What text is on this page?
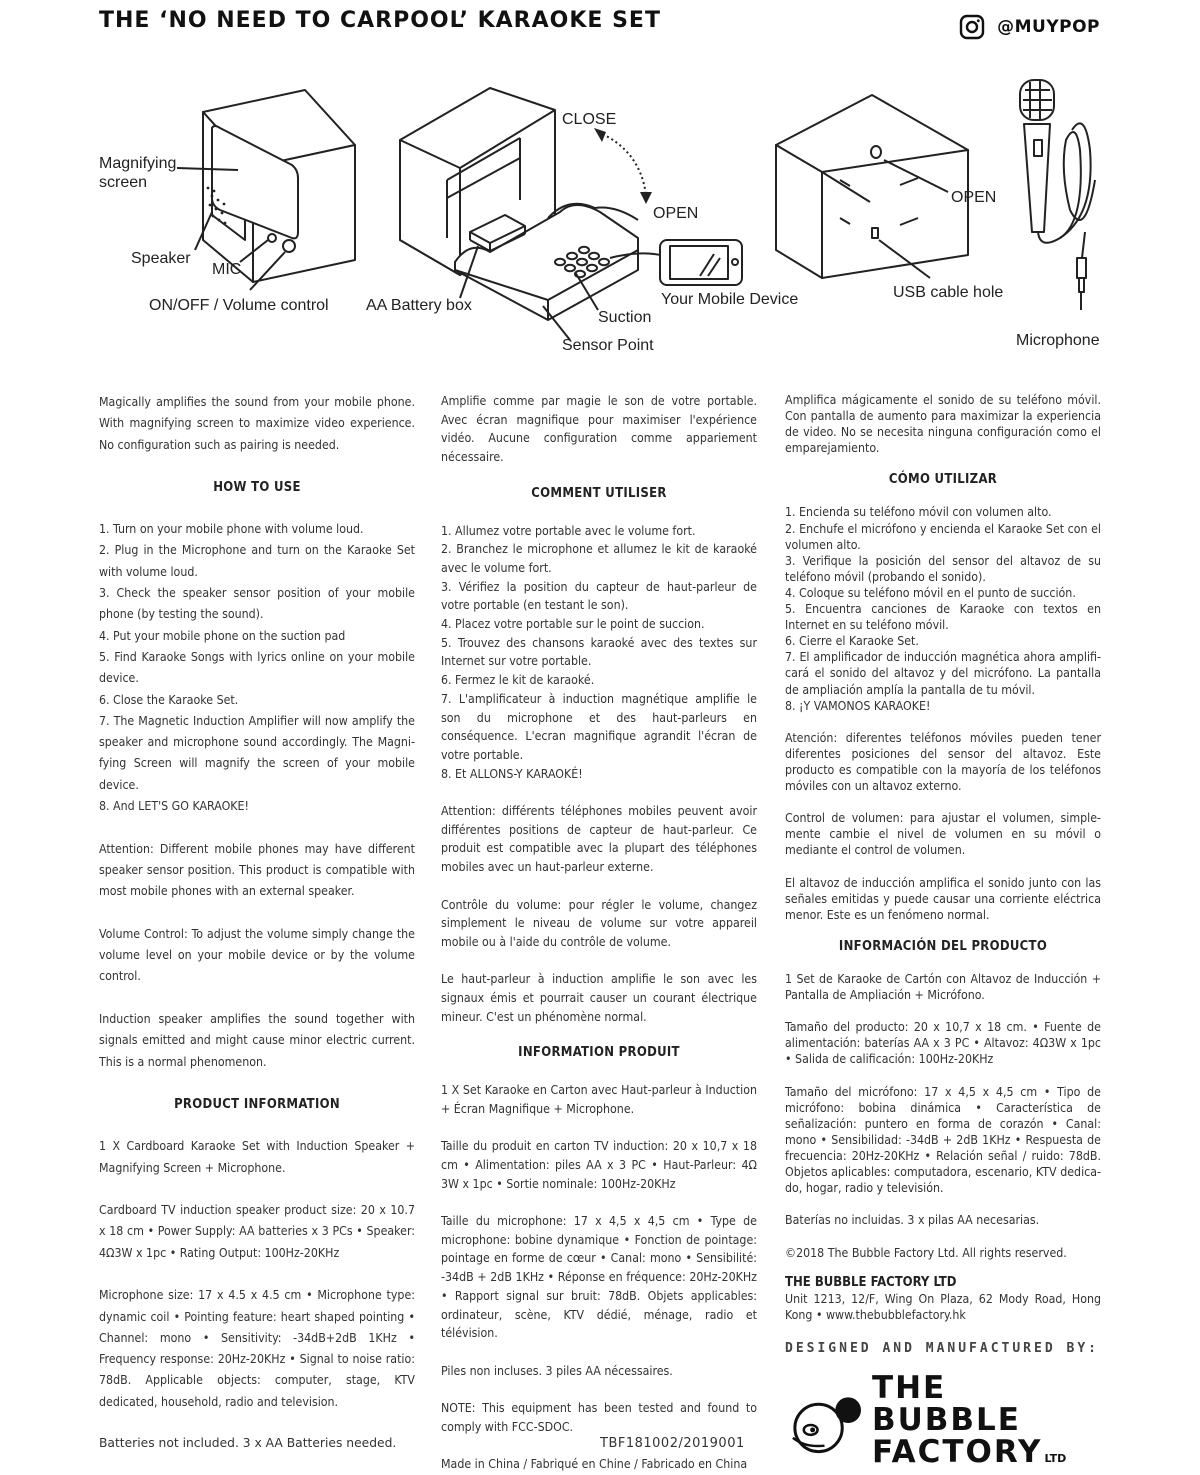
THE ‘NO NEED TO CARPOOL’ KARAOKE SET	@MUYPOP
Magnifying
screen
Speaker
MIC
ON/OFF / Volume control AA Battery box
CLOSE
OPEN
Your Mobile Device
Suction
Sensor Point
OPEN
USB cable hole
Microphone

Magically amplifies the sound from your mobile phone. With magnifying screen to maximize video experience. No configuration such as pairing is needed.

HOW TO USE

1. Turn on your mobile phone with volume loud.

2. Plug in the Microphone and turn on the Karaoke Set with volume loud.

3. Check the speaker sensor position of your mobile phone (by testing the sound).

4. Put your mobile phone on the suction pad

5. Find Karaoke Songs with lyrics online on your mobile device.

6. Close the Karaoke Set.

7. The Magnetic Induction Amplifier will now amplify the speaker and microphone sound accordingly. The Magni-fying Screen will magnify the screen of your mobile device.

8. And LET'S GO KARAOKE!

Attention: Different mobile phones may have different speaker sensor position. This product is compatible with most mobile phones with an external speaker.

Volume Control: To adjust the volume simply change the volume level on your mobile device or by the volume control.

Induction speaker amplifies the sound together with signals emitted and might cause minor electric current. This is a normal phenomenon.

PRODUCT INFORMATION

1 X Cardboard Karaoke Set with Induction Speaker + Magnifying Screen + Microphone.

Cardboard TV induction speaker product size: 20 x 10.7 x 18 cm • Power Supply: AA batteries x 3 PCs • Speaker: 4Ω3W x 1pc • Rating Output: 100Hz-20KHz

Microphone size: 17 x 4.5 x 4.5 cm • Microphone type: dynamic coil • Pointing feature: heart shaped pointing • Channel: mono • Sensitivity: -34dB+2dB 1KHz • Frequency response: 20Hz-20KHz • Signal to noise ratio: 78dB. Applicable objects: computer, stage, KTV dedicated, household, radio and television.

Batteries not included. 3 x AA Batteries needed.

Amplifie comme par magie le son de votre portable. Avec écran magnifique pour maximiser l'expérience vidéo. Aucune configuration comme appariement nécessaire.

COMMENT UTILISER

1. Allumez votre portable avec le volume fort.

2. Branchez le microphone et allumez le kit de karaoké avec le volume fort.

3. Vérifiez la position du capteur de haut-parleur de votre portable (en testant le son).

4. Placez votre portable sur le point de succion.

5. Trouvez des chansons karaoké avec des textes sur Internet sur votre portable.

6. Fermez le kit de karaoké.

7. L'amplificateur à induction magnétique amplifie le son du microphone et des haut-parleurs en conséquence. L'ecran magnifique agrandit l'écran de votre portable.

8. Et ALLONS-Y KARAOKÉ!

Attention: différents téléphones mobiles peuvent avoir différentes positions de capteur de haut-parleur. Ce produit est compatible avec la plupart des téléphones mobiles avec un haut-parleur externe.

Contrôle du volume: pour régler le volume, changez simplement le niveau de volume sur votre appareil mobile ou à l'aide du contrôle de volume.

Le haut-parleur à induction amplifie le son avec les signaux émis et pourrait causer un courant électrique mineur. C'est un phénomène normal.

INFORMATION PRODUIT

1 X Set Karaoke en Carton avec Haut-parleur à Induction + Écran Magnifique + Microphone.

Taille du produit en carton TV induction: 20 x 10,7 x 18 cm • Alimentation: piles AA x 3 PC • Haut-Parleur: 4Ω 3W x 1pc • Sortie nominale: 100Hz-20KHz

Taille du microphone: 17 x 4,5 x 4,5 cm • Type de microphone: bobine dynamique • Fonction de pointage: pointage en forme de cœur • Canal: mono • Sensibilité: -34dB + 2dB 1KHz • Réponse en fréquence: 20Hz-20KHz • Rapport signal sur bruit: 78dB. Objets applicables: ordinateur, scène, KTV dédié, ménage, radio et télévision.

Piles non incluses. 3 piles AA nécessaires.

NOTE: This equipment has been tested and found to comply with FCC-SDOC.

Made in China / Fabriqué en Chine / Fabricado en China

TBF181002/2019001

Amplifica mágicamente el sonido de su teléfono móvil. Con pantalla de aumento para maximizar la experiencia de video. No se necesita ninguna configuración como el emparejamiento.

CÓMO UTILIZAR

1. Encienda su teléfono móvil con volumen alto.

2. Enchufe el micrófono y encienda el Karaoke Set con el volumen alto.

3. Verifique la posición del sensor del altavoz de su teléfono móvil (probando el sonido).

4. Coloque su teléfono móvil en el punto de succión.

5. Encuentra canciones de Karaoke con textos en Internet en su teléfono móvil.

6. Cierre el Karaoke Set.

7. El amplificador de inducción magnética ahora amplifi-cará el sonido del altavoz y del micrófono. La pantalla de ampliación amplía la pantalla de tu móvil.

8. ¡Y VAMONOS KARAOKE!

Atención: diferentes teléfonos móviles pueden tener diferentes posiciones del sensor del altavoz. Este producto es compatible con la mayoría de los teléfonos móviles con un altavoz externo.

Control de volumen: para ajustar el volumen, simple-mente cambie el nivel de volumen en su móvil o mediante el control de volumen.

El altavoz de inducción amplifica el sonido junto con las señales emitidas y puede causar una corriente eléctrica menor. Este es un fenómeno normal.

INFORMACIÓN DEL PRODUCTO

1 Set de Karaoke de Cartón con Altavoz de Inducción + Pantalla de Ampliación + Micrófono.

Tamaño del producto: 20 x 10,7 x 18 cm. • Fuente de alimentación: baterías AA x 3 PC • Altavoz: 4Ω3W x 1pc • Salida de calificación: 100Hz-20KHz

Tamaño del micrófono: 17 x 4,5 x 4,5 cm • Tipo de micrófono: bobina dinámica • Característica de señalización: puntero en forma de corazón • Canal: mono • Sensibilidad: -34dB + 2dB 1KHz • Respuesta de frecuencia: 20Hz-20KHz • Relación señal / ruido: 78dB. Objetos aplicables: computadora, escenario, KTV dedica-do, hogar, radio y televisión.

Baterías no incluidas. 3 x pilas AA necesarias.

©2018 The Bubble Factory Ltd. All rights reserved.

THE BUBBLE FACTORY LTD

Unit 1213, 12/F, Wing On Plaza, 62 Mody Road, Hong Kong • www.thebubblefactory.hk

DESIGNED AND MANUFACTURED BY:

THE BUBBLE
FACTORY LTD
